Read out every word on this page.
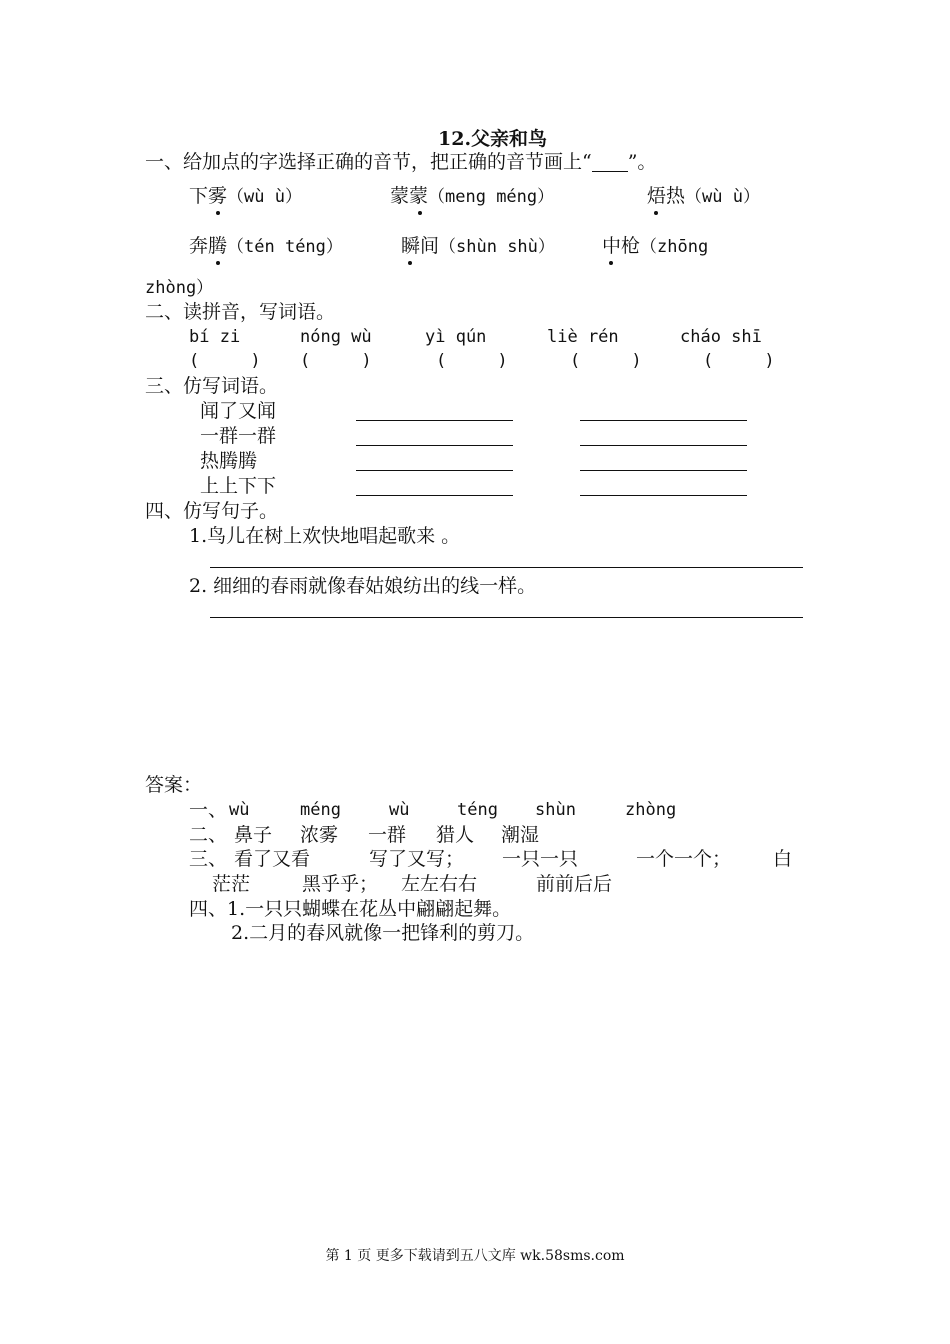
12.父亲和鸟
一、给加点的字选择正确的音节，把正确的音节画上“ ”。
下雾（wù ù）	蒙蒙（meng méng）	焐热（wù ù）
奔腾（tén téng）	瞬间（shùn shù） 中枪（zhōng
zhòng）
二、读拼音，写词语。
bí zi	nóng wù	yì qún	liè rén	cháo shī
(     ) (     )	(     )	(     )	(     )
三、仿写词语。
闻了又闻
一群一群
热腾腾
上上下下
四、仿写句子。
1.鸟儿在树上欢快地唱起歌来 。
2. 细细的春雨就像春姑娘纺出的线一样。
答案：
一、 wù	méng	wù	téng shùn	zhòng
二、 鼻子 浓雾 一群 猎人 潮湿
三、 看了又看	写了又写； 一只一只	一个一个； 白
茫茫	黑乎乎； 左左右右	前前后后
四、1.一只只蝴蝶在花丛中翩翩起舞。
2.二月的春风就像一把锋利的剪刀。
第 1 页 更多下载请到五八文库 wk.58sms.com
